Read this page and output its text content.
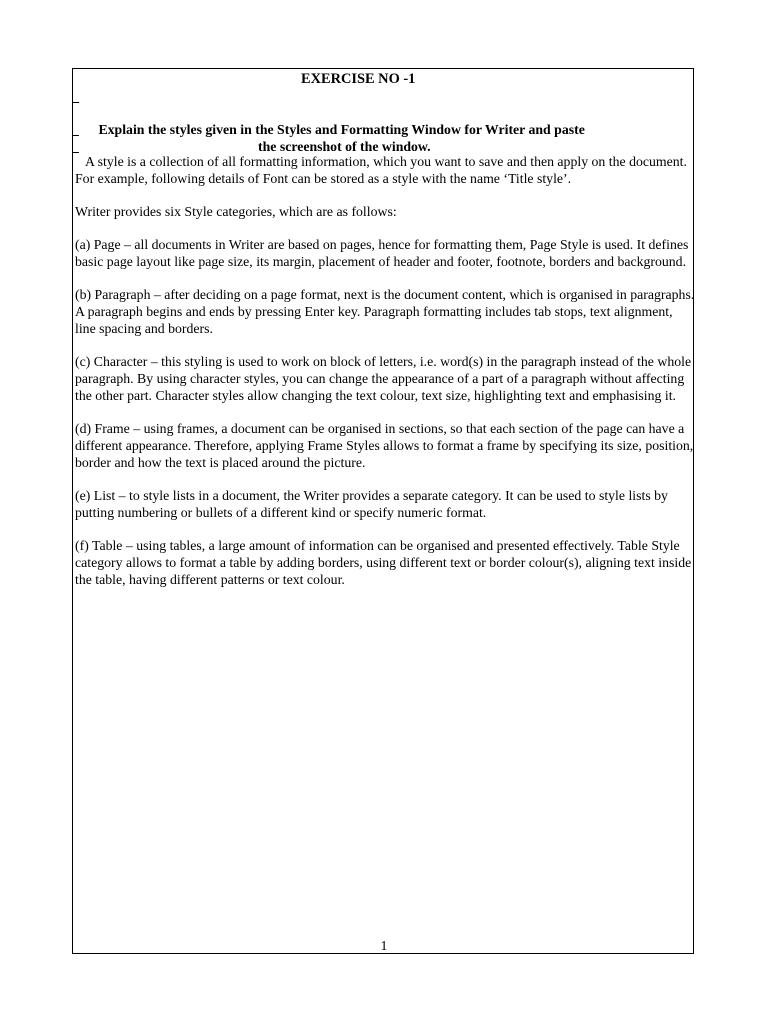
EXERCISE NO -1

Explain the styles given in the Styles and Formatting Window for Writer and paste

the screenshot of the window.

A style is a collection of all formatting information, which you want to save and then apply on the document. For example, following details of Font can be stored as a style with the name ‘Title style’.

Writer provides six Style categories, which are as follows:

(a) Page – all documents in Writer are based on pages, hence for formatting them, Page Style is used. It defines basic page layout like page size, its margin, placement of header and footer, footnote, borders and background.

(b) Paragraph – after deciding on a page format, next is the document content, which is organised in paragraphs. A paragraph begins and ends by pressing Enter key. Paragraph formatting includes tab stops, text alignment, line spacing and borders.

(c) Character – this styling is used to work on block of letters, i.e. word(s) in the paragraph instead of the whole paragraph. By using character styles, you can change the appearance of a part of a paragraph without affecting the other part. Character styles allow changing the text colour, text size, highlighting text and emphasising it.

(d) Frame – using frames, a document can be organised in sections, so that each section of the page can have a different appearance. Therefore, applying Frame Styles allows to format a frame by specifying its size, position, border and how the text is placed around the picture.

(e) List – to style lists in a document, the Writer provides a separate category. It can be used to style lists by putting numbering or bullets of a different kind or specify numeric format.

(f) Table – using tables, a large amount of information can be organised and presented effectively. Table Style category allows to format a table by adding borders, using different text or border colour(s), aligning text inside the table, having different patterns or text colour.

1
